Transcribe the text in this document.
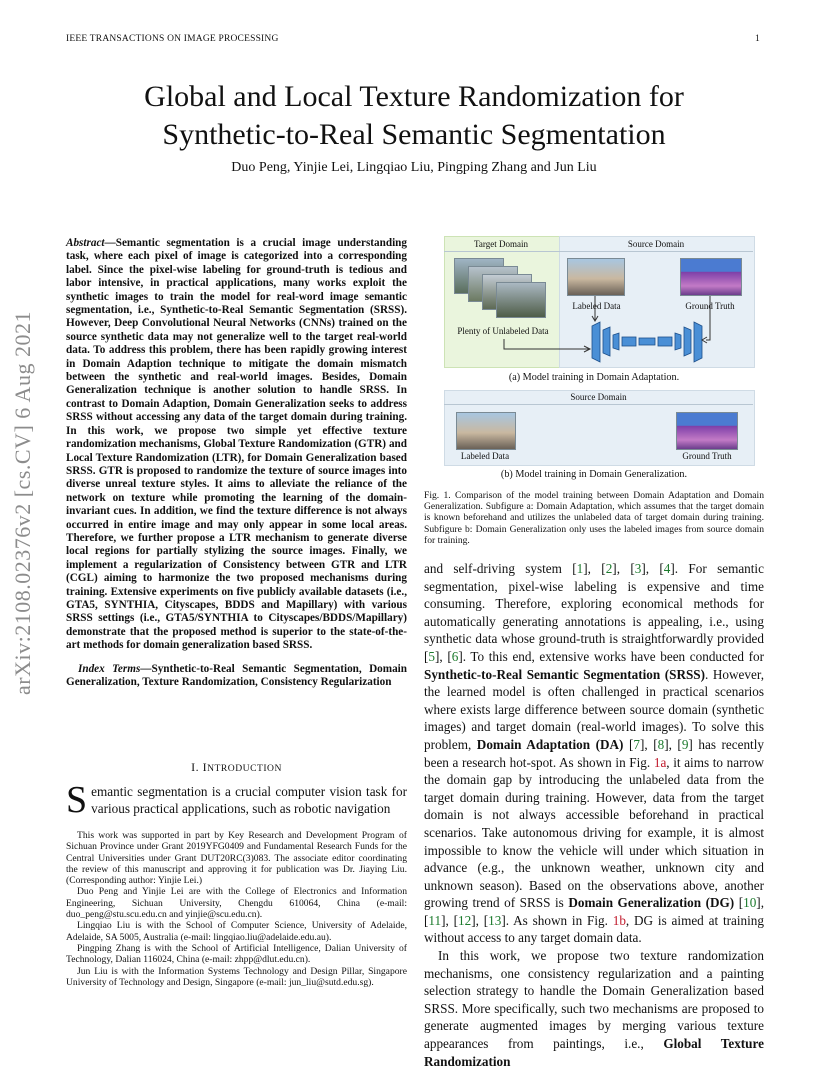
IEEE TRANSACTIONS ON IMAGE PROCESSING	1
Global and Local Texture Randomization for
Synthetic-to-Real Semantic Segmentation
Duo Peng, Yinjie Lei, Lingqiao Liu, Pingping Zhang and Jun Liu
arXiv:2108.02376v2 [cs.CV] 6 Aug 2021
Abstract—Semantic segmentation is a crucial image understanding task, where each pixel of image is categorized into a corresponding label. Since the pixel-wise labeling for ground-truth is tedious and labor intensive, in practical applications, many works exploit the synthetic images to train the model for real-word image semantic segmentation, i.e., Synthetic-to-Real Semantic Segmentation (SRSS). However, Deep Convolutional Neural Networks (CNNs) trained on the source synthetic data may not generalize well to the target real-world data. To address this problem, there has been rapidly growing interest in Domain Adaption technique to mitigate the domain mismatch between the synthetic and real-world images. Besides, Domain Generalization technique is another solution to handle SRSS. In contrast to Domain Adaption, Domain Generalization seeks to address SRSS without accessing any data of the target domain during training. In this work, we propose two simple yet effective texture randomization mechanisms, Global Texture Randomization (GTR) and Local Texture Randomization (LTR), for Domain Generalization based SRSS. GTR is proposed to randomize the texture of source images into diverse unreal texture styles. It aims to alleviate the reliance of the network on texture while promoting the learning of the domain-invariant cues. In addition, we find the texture difference is not always occurred in entire image and may only appear in some local areas. Therefore, we further propose a LTR mechanism to generate diverse local regions for partially stylizing the source images. Finally, we implement a regularization of Consistency between GTR and LTR (CGL) aiming to harmonize the two proposed mechanisms during training. Extensive experiments on five publicly available datasets (i.e., GTA5, SYNTHIA, Cityscapes, BDDS and Mapillary) with various SRSS settings (i.e., GTA5/SYNTHIA to Cityscapes/BDDS/Mapillary) demonstrate that the proposed method is superior to the state-of-the-art methods for domain generalization based SRSS.
Index Terms—Synthetic-to-Real Semantic Segmentation, Domain Generalization, Texture Randomization, Consistency Regularization
I. INTRODUCTION
Semantic segmentation is a crucial computer vision task for various practical applications, such as robotic navigation

This work was supported in part by Key Research and Development Program of Sichuan Province under Grant 2019YFG0409 and Fundamental Research Funds for the Central Universities under Grant DUT20RC(3)083. The associate editor coordinating the review of this manuscript and approving it for publication was Dr. Jiaying Liu. (Corresponding author: Yinjie Lei.)

Duo Peng and Yinjie Lei are with the College of Electronics and Information Engineering, Sichuan University, Chengdu 610064, China (e-mail: duo_peng@stu.scu.edu.cn and yinjie@scu.edu.cn).

Lingqiao Liu is with the School of Computer Science, University of Adelaide, Adelaide, SA 5005, Australia (e-mail: lingqiao.liu@adelaide.edu.au).

Pingping Zhang is with the School of Artificial Intelligence, Dalian University of Technology, Dalian 116024, China (e-mail: zhpp@dlut.edu.cn).

Jun Liu is with the Information Systems Technology and Design Pillar, Singapore University of Technology and Design, Singapore (e-mail: jun_liu@sutd.edu.sg).

Target Domain	Source Domain
Plenty of Unlabeled Data
Labeled Data	Ground Truth
(a) Model training in Domain Adaptation.
Source Domain
Labeled Data	Ground Truth
(b) Model training in Domain Generalization.
Fig. 1. Comparison of the model training between Domain Adaptation and Domain Generalization. Subfigure a: Domain Adaptation, which assumes that the target domain is known beforehand and utilizes the unlabeled data of target domain during training. Subfigure b: Domain Generalization only uses the labeled images from source domain for training.

and self-driving system [1], [2], [3], [4]. For semantic segmentation, pixel-wise labeling is expensive and time consuming. Therefore, exploring economical methods for automatically generating annotations is appealing, i.e., using synthetic data whose ground-truth is straightforwardly provided [5], [6]. To this end, extensive works have been conducted for Synthetic-to-Real Semantic Segmentation (SRSS). However, the learned model is often challenged in practical scenarios where exists large difference between source domain (synthetic images) and target domain (real-world images). To solve this problem, Domain Adaptation (DA) [7], [8], [9] has recently been a research hot-spot. As shown in Fig. 1a, it aims to narrow the domain gap by introducing the unlabeled data from the target domain during training. However, data from the target domain is not always accessible beforehand in practical scenarios. Take autonomous driving for example, it is almost impossible to know the vehicle will under which situation in advance (e.g., the unknown weather, unknown city and unknown season). Based on the observations above, another growing trend of SRSS is Domain Generalization (DG) [10], [11], [12], [13]. As shown in Fig. 1b, DG is aimed at training without access to any target domain data.

In this work, we propose two texture randomization mechanisms, one consistency regularization and a painting selection strategy to handle the Domain Generalization based SRSS. More specifically, such two mechanisms are proposed to generate augmented images by merging various texture appearances from paintings, i.e., Global Texture Randomization
